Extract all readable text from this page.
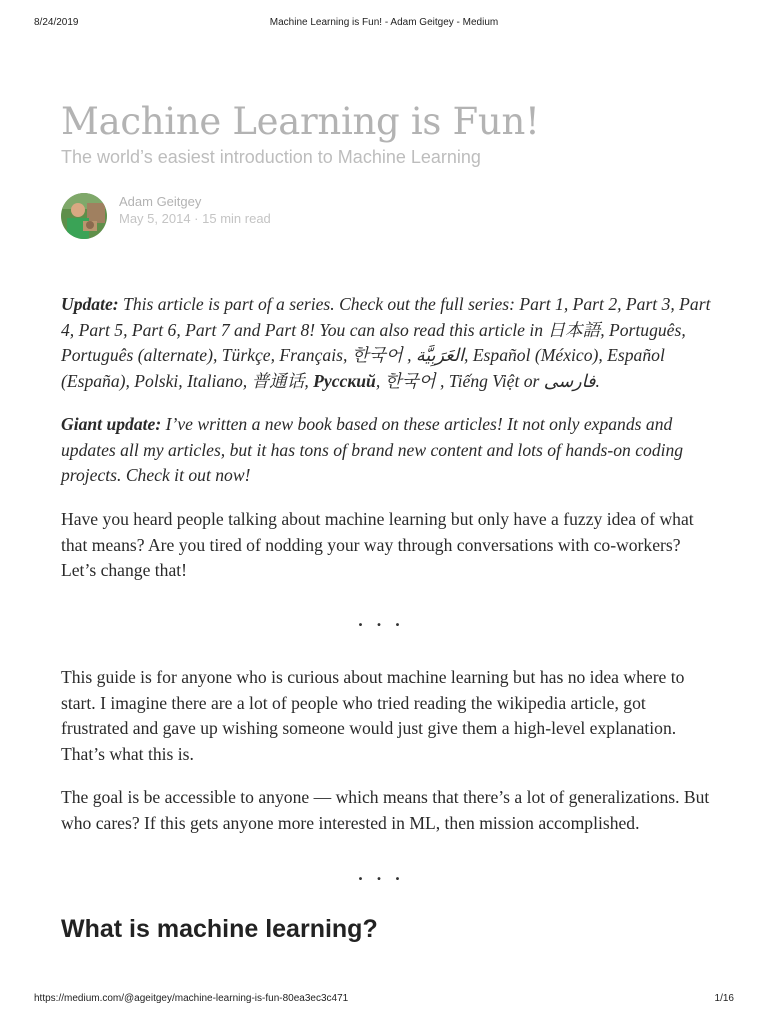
8/24/2019	Machine Learning is Fun! - Adam Geitgey - Medium
Machine Learning is Fun!

The world’s easiest introduction to Machine Learning

Adam Geitgey
May 5, 2014 · 15 min read

Update: This article is part of a series. Check out the full series: Part 1, Part 2, Part 3, Part 4, Part 5, Part 6, Part 7 and Part 8! You can also read this article in 日本語, Português, Português (alternate), Türkçe, Français, 한국어 , العَرَبِيَّة‎‎, Español (México), Español (España), Polski, Italiano, 普通话, Русский, 한국어 , Tiếng Việt or فارسی.

Giant update: I’ve written a new book based on these articles! It not only expands and updates all my articles, but it has tons of brand new content and lots of hands-on coding projects. Check it out now!

Have you heard people talking about machine learning but only have a fuzzy idea of what that means? Are you tired of nodding your way through conversations with co-workers? Let’s change that!

...

This guide is for anyone who is curious about machine learning but has no idea where to start. I imagine there are a lot of people who tried reading the wikipedia article, got frustrated and gave up wishing someone would just give them a high-level explanation. That’s what this is.

The goal is be accessible to anyone — which means that there’s a lot of generalizations. But who cares? If this gets anyone more interested in ML, then mission accomplished.

...
What is machine learning?
https://medium.com/@ageitgey/machine-learning-is-fun-80ea3ec3c471	1/16
